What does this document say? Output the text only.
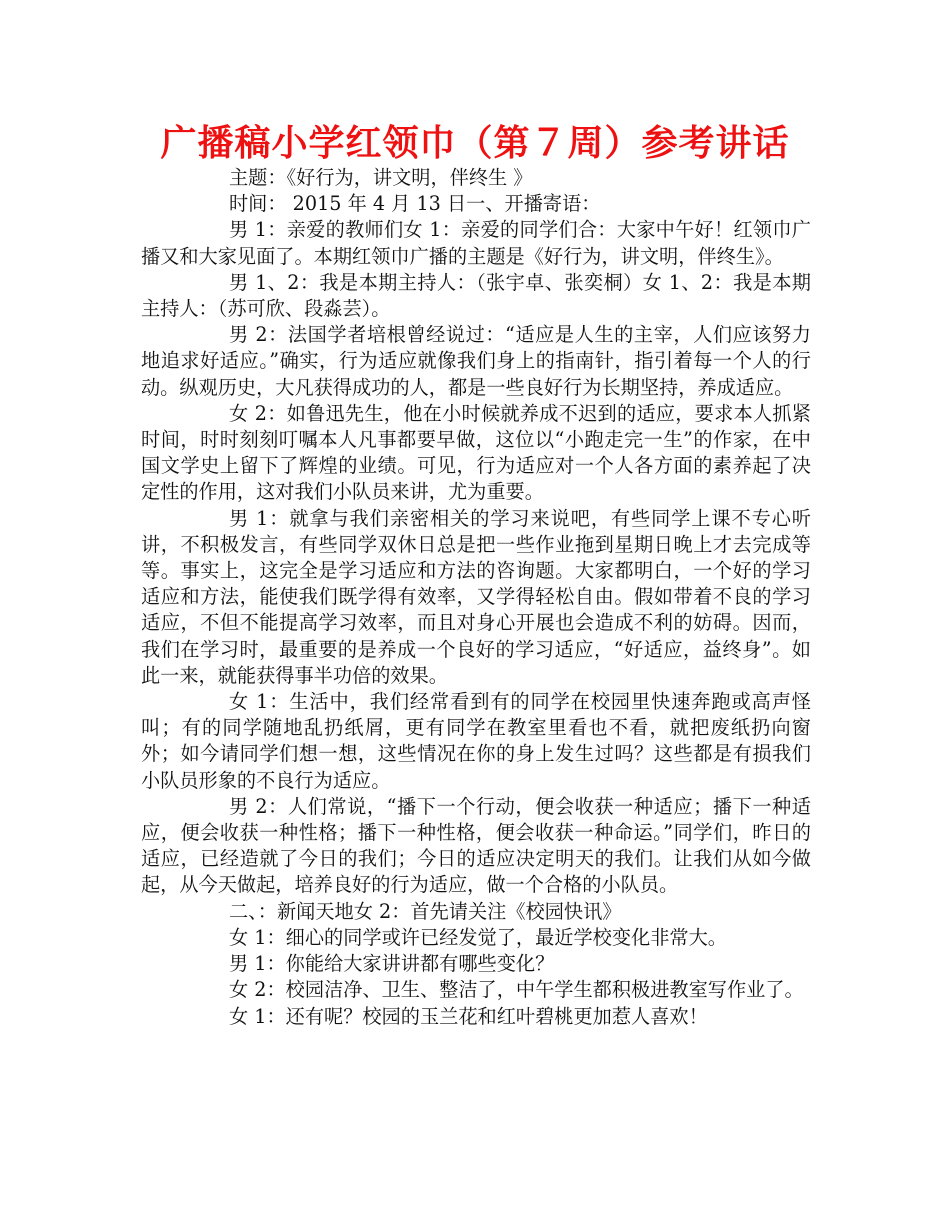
广播稿小学红领巾（第７周）参考讲话

主题：《好行为，讲文明，伴终生 》

时间： 2015 年 4 月 13 日一、开播寄语：

男 1：亲爱的教师们女 1：亲爱的同学们合：大家中午好！红领巾广播又和大家见面了。本期红领巾广播的主题是《好行为，讲文明，伴终生》。

男 1、2：我是本期主持人：（张宇卓、张奕桐）女 1、2：我是本期主持人：（苏可欣、段淼芸）。

男 2：法国学者培根曾经说过：“适应是人生的主宰，人们应该努力地追求好适应。”确实，行为适应就像我们身上的指南针，指引着每一个人的行动。纵观历史，大凡获得成功的人，都是一些良好行为长期坚持，养成适应。

女 2：如鲁迅先生，他在小时候就养成不迟到的适应，要求本人抓紧时间，时时刻刻叮嘱本人凡事都要早做，这位以“小跑走完一生”的作家，在中国文学史上留下了辉煌的业绩。可见，行为适应对一个人各方面的素养起了决定性的作用，这对我们小队员来讲，尤为重要。

男 1：就拿与我们亲密相关的学习来说吧，有些同学上课不专心听讲，不积极发言，有些同学双休日总是把一些作业拖到星期日晚上才去完成等等。事实上，这完全是学习适应和方法的咨询题。大家都明白，一个好的学习适应和方法，能使我们既学得有效率，又学得轻松自由。假如带着不良的学习适应，不但不能提高学习效率，而且对身心开展也会造成不利的妨碍。因而，我们在学习时，最重要的是养成一个良好的学习适应，“好适应，益终身”。如此一来，就能获得事半功倍的效果。

女 1：生活中，我们经常看到有的同学在校园里快速奔跑或高声怪叫；有的同学随地乱扔纸屑，更有同学在教室里看也不看，就把废纸扔向窗外；如今请同学们想一想，这些情况在你的身上发生过吗？这些都是有损我们小队员形象的不良行为适应。

男 2：人们常说，“播下一个行动，便会收获一种适应；播下一种适应，便会收获一种性格；播下一种性格，便会收获一种命运。”同学们，昨日的适应，已经造就了今日的我们；今日的适应决定明天的我们。让我们从如今做起，从今天做起，培养良好的行为适应，做一个合格的小队员。

二、：新闻天地女 2：首先请关注《校园快讯》

女 1：细心的同学或许已经发觉了，最近学校变化非常大。

男 1：你能给大家讲讲都有哪些变化？

女 2：校园洁净、卫生、整洁了，中午学生都积极进教室写作业了。

女 1：还有呢？校园的玉兰花和红叶碧桃更加惹人喜欢！
